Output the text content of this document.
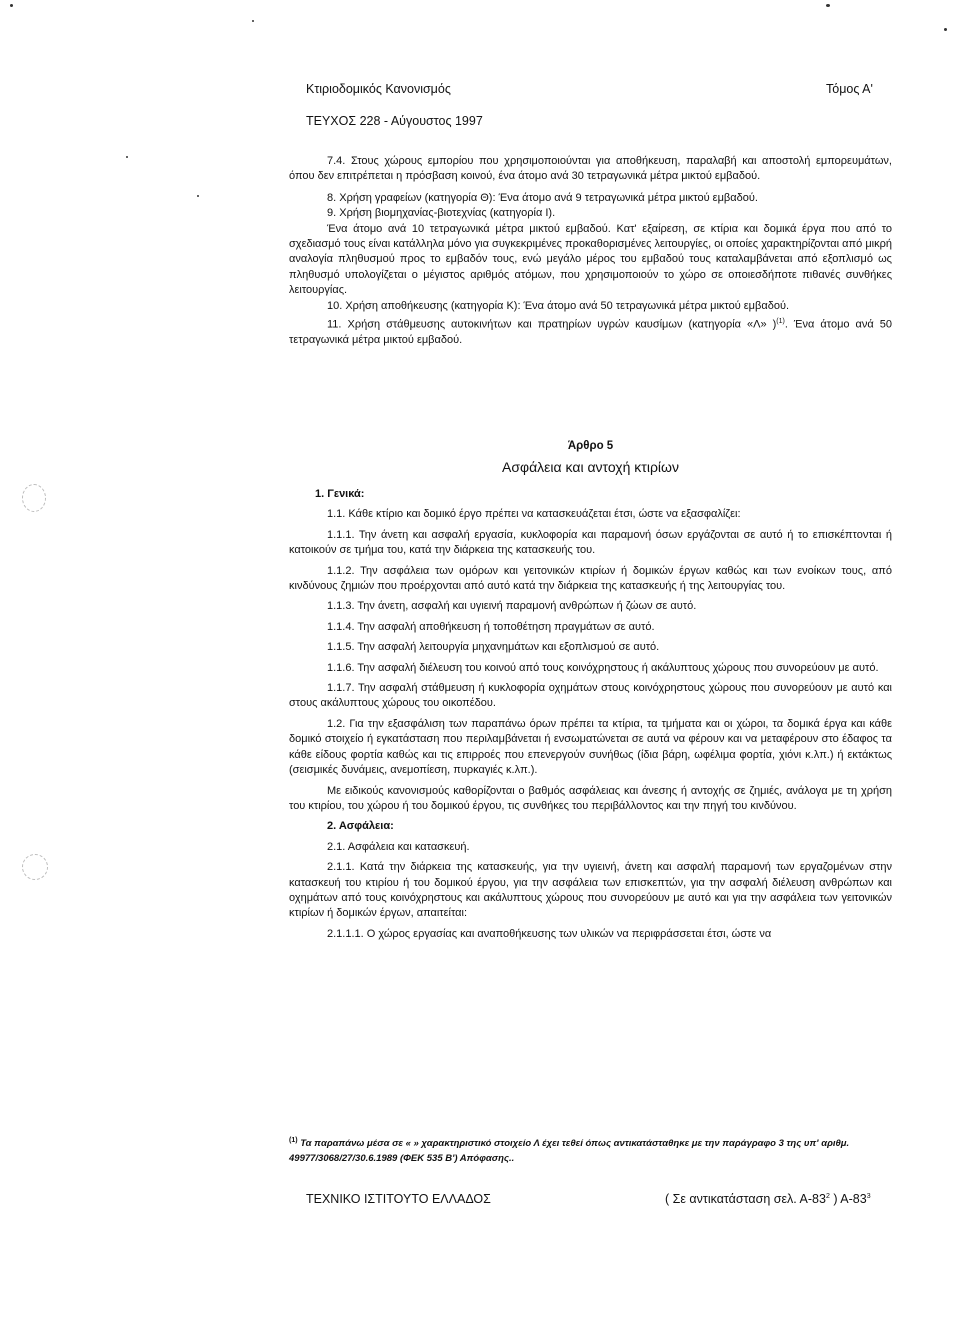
Κτιριοδομικός Κανονισμός	Τόμος Α'
ΤΕΥΧΟΣ 228 - Αύγουστος 1997

7.4. Στους χώρους εμπορίου που χρησιμοποιούνται για αποθήκευση, παραλαβή και αποστολή εμπορευμάτων, όπου δεν επιτρέπεται η πρόσβαση κοινού, ένα άτομο ανά 30 τετραγωνικά μέτρα μικτού εμβαδού.

8. Χρήση γραφείων (κατηγορία Θ): Ένα άτομο ανά 9 τετραγωνικά μέτρα μικτού εμβαδού.

9. Χρήση βιομηχανίας-βιοτεχνίας (κατηγορία Ι).

Ένα άτομο ανά 10 τετραγωνικά μέτρα μικτού εμβαδού. Κατ' εξαίρεση, σε κτίρια και δομικά έργα που από το σχεδιασμό τους είναι κατάλληλα μόνο για συγκεκριμένες προκαθορισμένες λειτουργίες, οι οποίες χαρακτηρίζονται από μικρή αναλογία πληθυσμού προς το εμβαδόν τους, ενώ μεγάλο μέρος του εμβαδού τους καταλαμβάνεται από εξοπλισμό ως πληθυσμό υπολογίζεται ο μέγιστος αριθμός ατόμων, που χρησιμοποιούν το χώρο σε οποιεσδήποτε πιθανές συνθήκες λειτουργίας.

10. Χρήση αποθήκευσης (κατηγορία Κ): Ένα άτομο ανά 50 τετραγωνικά μέτρα μικτού εμβαδού.

11. Χρήση στάθμευσης αυτοκινήτων και πρατηρίων υγρών καυσίμων (κατηγορία «Λ» )$^{(1)}$. Ένα άτομο ανά 50 τετραγωνικά μέτρα μικτού εμβαδού.

Άρθρο 5
Ασφάλεια και αντοχή κτιρίων

1. Γενικά:

1.1. Κάθε κτίριο και δομικό έργο πρέπει να κατασκευάζεται έτσι, ώστε να εξασφαλίζει:

1.1.1. Την άνετη και ασφαλή εργασία, κυκλοφορία και παραμονή όσων εργάζονται σε αυτό ή το επισκέπτονται ή κατοικούν σε τμήμα του, κατά την διάρκεια της κατασκευής του.

1.1.2. Την ασφάλεια των ομόρων και γειτονικών κτιρίων ή δομικών έργων καθώς και των ενοίκων τους, από κινδύνους ζημιών που προέρχονται από αυτό κατά την διάρκεια της κατασκευής ή της λειτουργίας του.

1.1.3. Την άνετη, ασφαλή και υγιεινή παραμονή ανθρώπων ή ζώων σε αυτό.

1.1.4. Την ασφαλή αποθήκευση ή τοποθέτηση πραγμάτων σε αυτό.

1.1.5. Την ασφαλή λειτουργία μηχανημάτων και εξοπλισμού σε αυτό.

1.1.6. Την ασφαλή διέλευση του κοινού από τους κοινόχρηστους ή ακάλυπτους χώρους που συνορεύουν με αυτό.

1.1.7. Την ασφαλή στάθμευση ή κυκλοφορία οχημάτων στους κοινόχρηστους χώρους που συνορεύουν με αυτό και στους ακάλυπτους χώρους του οικοπέδου.

1.2. Για την εξασφάλιση των παραπάνω όρων πρέπει τα κτίρια, τα τμήματα και οι χώροι, τα δομικά έργα και κάθε δομικό στοιχείο ή εγκατάσταση που περιλαμβάνεται ή ενσωματώνεται σε αυτά να φέρουν και να μεταφέρουν στο έδαφος τα κάθε είδους φορτία καθώς και τις επιρροές που επενεργούν συνήθως (ίδια βάρη, ωφέλιμα φορτία, χιόνι κ.λπ.) ή εκτάκτως (σεισμικές δυνάμεις, ανεμοπίεση, πυρκαγιές κ.λπ.).

Με ειδικούς κανονισμούς καθορίζονται ο βαθμός ασφάλειας και άνεσης ή αντοχής σε ζημιές, ανάλογα με τη χρήση του κτιρίου, του χώρου ή του δομικού έργου, τις συνθήκες του περιβάλλοντος και την πηγή του κινδύνου.

2. Ασφάλεια:

2.1. Ασφάλεια και κατασκευή.

2.1.1. Κατά την διάρκεια της κατασκευής, για την υγιεινή, άνετη και ασφαλή παραμονή των εργαζομένων στην κατασκευή του κτιρίου ή του δομικού έργου, για την ασφάλεια των επισκεπτών, για την ασφαλή διέλευση ανθρώπων και οχημάτων από τους κοινόχρηστους και ακάλυπτους χώρους που συνορεύουν με αυτό και για την ασφάλεια των γειτονικών κτιρίων ή δομικών έργων, απαιτείται:

2.1.1.1. Ο χώρος εργασίας και αναποθήκευσης των υλικών να περιφράσσεται έτσι, ώστε να

$^{(1)}$ Τα παραπάνω μέσα σε « » χαρακτηριστικό στοιχείο Λ έχει τεθεί όπως αντικατάσταθηκε με την παράγραφο 3 της υπ' αριθμ. 49977/3068/27/30.6.1989 (ΦΕΚ 535 Β') Απόφασης..
ΤΕΧΝΙΚΟ ΙΣΤΙΤΟΥΤΟ ΕΛΛΑΔΟΣ	( Σε αντικατάσταση σελ. $A-83^2$ ) $A-83^3$
